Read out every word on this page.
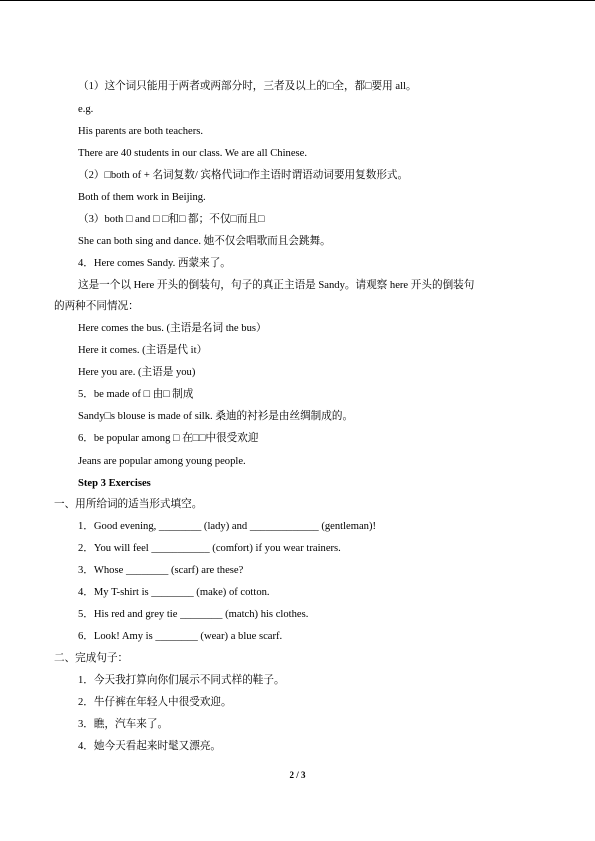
（1）这个词只能用于两者或两部分时，三者及以上的□全，都□要用 all。
e.g.
His parents are both teachers.
There are 40 students in our class. We are all Chinese.
（2）□both of + 名词复数/ 宾格代词□作主语时谓语动词要用复数形式。
Both of them work in Beijing.
（3）both □ and □ □和□ 都；不仅□而且□
She can both sing and dance. 她不仅会唱歌而且会跳舞。
4．Here comes Sandy. 西蒙来了。
这是一个以 Here 开头的倒装句，句子的真正主语是 Sandy。请观察 here 开头的倒装句
的两种不同情况：
Here comes the bus. (主语是名词 the bus）
Here it comes. (主语是代 it）
Here you are. (主语是 you)
5．be made of □ 由□ 制成
Sandy□s blouse is made of silk. 桑迪的衬衫是由丝绸制成的。
6．be popular among □ 在□□中很受欢迎
Jeans are popular among young people.
Step 3 Exercises
一、用所给词的适当形式填空。
1．Good evening, ________ (lady) and _____________ (gentleman)!
2．You will feel ___________ (comfort) if you wear trainers.
3．Whose ________ (scarf) are these?
4．My T-shirt is ________ (make) of cotton.
5．His red and grey tie ________ (match) his clothes.
6．Look! Amy is ________ (wear) a blue scarf.
二、完成句子：
1．今天我打算向你们展示不同式样的鞋子。
2．牛仔裤在年轻人中很受欢迎。
3．瞧，汽车来了。
4．她今天看起来时髦又漂亮。
2 / 3
